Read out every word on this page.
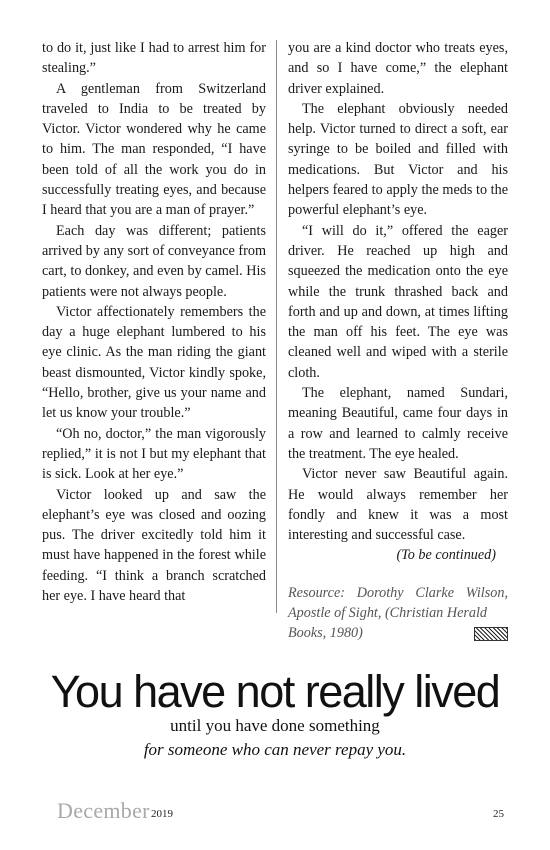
to do it, just like I had to arrest him for stealing.”

A gentleman from Switzerland traveled to India to be treated by Victor. Victor wondered why he came to him. The man responded, “I have been told of all the work you do in successfully treating eyes, and because I heard that you are a man of prayer.”

Each day was different; patients arrived by any sort of conveyance from cart, to donkey, and even by camel. His patients were not always people.

Victor affectionately remembers the day a huge elephant lumbered to his eye clinic. As the man riding the giant beast dismounted, Victor kindly spoke, “Hello, brother, give us your name and let us know your trouble.”

“Oh no, doctor,” the man vigorously replied,” it is not I but my elephant that is sick. Look at her eye.”

Victor looked up and saw the elephant’s eye was closed and oozing pus. The driver excitedly told him it must have happened in the forest while feeding. “I think a branch scratched her eye. I have heard that

you are a kind doctor who treats eyes, and so I have come,” the elephant driver explained.

The elephant obviously needed help. Victor turned to direct a soft, ear syringe to be boiled and filled with medications. But Victor and his helpers feared to apply the meds to the powerful elephant’s eye.

“I will do it,” offered the eager driver. He reached up high and squeezed the medication onto the eye while the trunk thrashed back and forth and up and down, at times lifting the man off his feet. The eye was cleaned well and wiped with a sterile cloth.

The elephant, named Sundari, meaning Beautiful, came four days in a row and learned to calmly receive the treatment. The eye healed.

Victor never saw Beautiful again. He would always remember her fondly and knew it was a most interesting and successful case.

(To be continued)

Resource: Dorothy Clarke Wilson, Apostle of Sight, (Christian Herald
Books, 1980)
You have not really lived
until you have done something
for someone who can never repay you.
December 2019	25
